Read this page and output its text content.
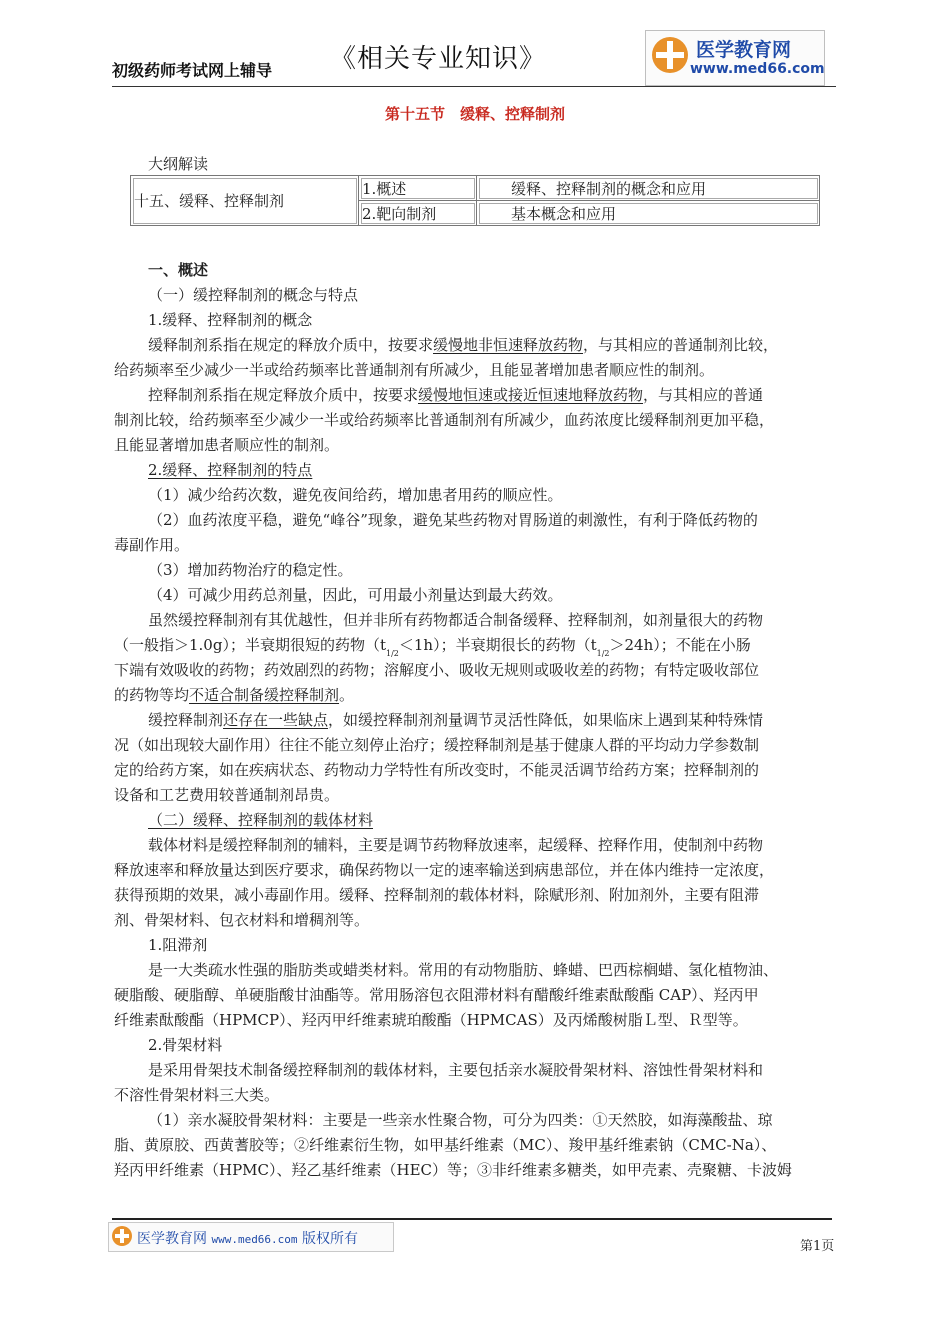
初级药师考试网上辅导 《相关专业知识》	医学教育网
www.med66.com
第十五节　缓释、控释制剂
大纲解读
十五、缓释、控释制剂	1.概述	缓释、控释制剂的概念和应用
	2.靶向制剂	基本概念和应用
一、概述
（一）缓控释制剂的概念与特点
1.缓释、控释制剂的概念
缓释制剂系指在规定的释放介质中，按要求缓慢地非恒速释放药物，与其相应的普通制剂比较，
给药频率至少减少一半或给药频率比普通制剂有所减少，且能显著增加患者顺应性的制剂。
控释制剂系指在规定释放介质中，按要求缓慢地恒速或接近恒速地释放药物，与其相应的普通
制剂比较，给药频率至少减少一半或给药频率比普通制剂有所减少，血药浓度比缓释制剂更加平稳，
且能显著增加患者顺应性的制剂。
2.缓释、控释制剂的特点
（1）减少给药次数，避免夜间给药，增加患者用药的顺应性。
（2）血药浓度平稳，避免“峰谷”现象，避免某些药物对胃肠道的刺激性，有利于降低药物的
毒副作用。
（3）增加药物治疗的稳定性。
（4）可减少用药总剂量，因此，可用最小剂量达到最大药效。
虽然缓控释制剂有其优越性，但并非所有药物都适合制备缓释、控释制剂，如剂量很大的药物
（一般指＞1.0g）；半衰期很短的药物$(t_{1/2}<1h)$；半衰期很长的药物$(t_{1/2}>24h)$；不能在小肠
下端有效吸收的药物；药效剧烈的药物；溶解度小、吸收无规则或吸收差的药物；有特定吸收部位
的药物等均不适合制备缓控释制剂。
缓控释制剂还存在一些缺点，如缓控释制剂剂量调节灵活性降低，如果临床上遇到某种特殊情
况（如出现较大副作用）往往不能立刻停止治疗；缓控释制剂是基于健康人群的平均动力学参数制
定的给药方案，如在疾病状态、药物动力学特性有所改变时，不能灵活调节给药方案；控释制剂的
设备和工艺费用较普通制剂昂贵。
（二）缓释、控释制剂的载体材料
载体材料是缓控释制剂的辅料，主要是调节药物释放速率，起缓释、控释作用，使制剂中药物
释放速率和释放量达到医疗要求，确保药物以一定的速率输送到病患部位，并在体内维持一定浓度，
获得预期的效果，减小毒副作用。缓释、控释制剂的载体材料，除赋形剂、附加剂外，主要有阻滞
剂、骨架材料、包衣材料和增稠剂等。
1.阻滞剂
是一大类疏水性强的脂肪类或蜡类材料。常用的有动物脂肪、蜂蜡、巴西棕榈蜡、氢化植物油、
硬脂酸、硬脂醇、单硬脂酸甘油酯等。常用肠溶包衣阻滞材料有醋酸纤维素酞酸酯 CAP）、羟丙甲
纤维素酞酸酯（HPMCP）、羟丙甲纤维素琥珀酸酯（HPMCAS）及丙烯酸树脂Ｌ型、Ｒ型等。
2.骨架材料
是采用骨架技术制备缓控释制剂的载体材料，主要包括亲水凝胶骨架材料、溶蚀性骨架材料和
不溶性骨架材料三大类。
（1）亲水凝胶骨架材料：主要是一些亲水性聚合物，可分为四类：①天然胶，如海藻酸盐、琼
脂、黄原胶、西黄蓍胶等；②纤维素衍生物，如甲基纤维素（MC）、羧甲基纤维素钠（CMC-Na）、
羟丙甲纤维素（HPMC）、羟乙基纤维素（HEC）等；③非纤维素多糖类，如甲壳素、壳聚糖、卡波姆
医学教育网 www.med66.com 版权所有	第1页
